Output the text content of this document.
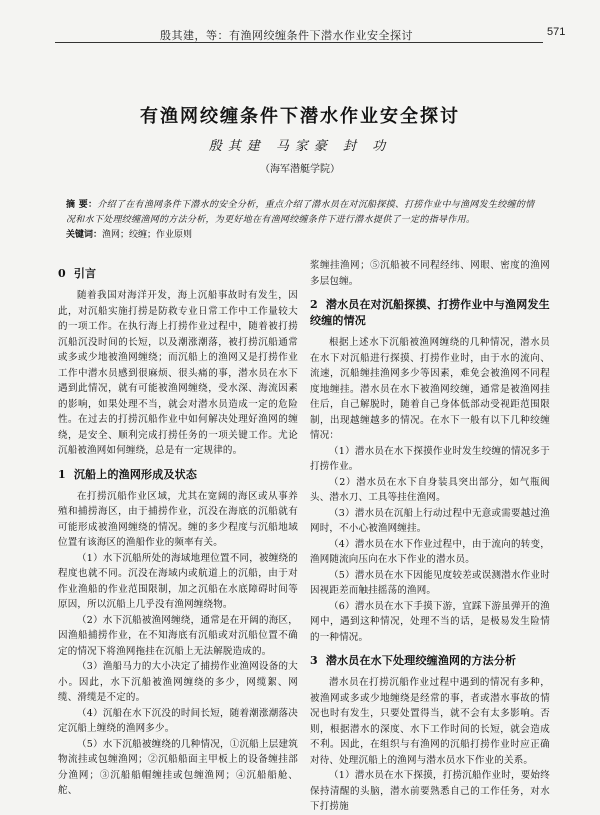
殷其建，等：有渔网绞缠条件下潜水作业安全探讨	571
有渔网绞缠条件下潜水作业安全探讨
殷其建 马家豪 封 功
（海军潜艇学院）
摘 要：介绍了在有渔网条件下潜水的安全分析，重点介绍了潜水员在对沉船探摸、打捞作业中与渔网发生绞缠的情况和水下处理绞缠渔网的方法分析，为更好地在有渔网绞缠条件下进行潜水提供了一定的指导作用。
关键词：渔网；绞缠；作业原则
0 引言

随着我国对海洋开发，海上沉船事故时有发生，因此，对沉船实施打捞是防救专业日常工作中工作量较大的一项工作。在执行海上打捞作业过程中，随着被打捞沉船沉没时间的长短，以及潮涨潮落，被打捞沉船通常或多或少地被渔网缠绕；而沉船上的渔网又是打捞作业工作中潜水员感到很麻烦、很头痛的事，潜水员在水下遇到此情况，就有可能被渔网缠绕，受水深、海流因素的影响，如果处理不当，就会对潜水员造成一定的危险性。在过去的打捞沉船作业中如何解决处理好渔网的缠绕，是安全、顺利完成打捞任务的一项关键工作。尤论沉船被渔网如何缠绕，总是有一定规律的。

1 沉船上的渔网形成及状态

在打捞沉船作业区域，尤其在宽阔的海区或从事养殖和捕捞海区，由于捕捞作业，沉没在海底的沉船就有可能形成被渔网缠绕的情况。缠的多少程度与沉船地域位置有该海区的渔船作业的频率有关。

（1）水下沉船所处的海域地理位置不同，被缠绕的程度也就不同。沉没在海域内或航道上的沉船，由于对作业渔船的作业范围限制，加之沉船在水底障碍时间等原因，所以沉船上几乎没有渔网缠绕物。

（2）水下沉船被渔网缠绕，通常是在开阔的海区，因渔船捕捞作业，在不知海底有沉船或对沉船位置不确定的情况下将渔网拖挂在沉船上无法解脱造成的。

（3）渔船马力的大小决定了捕捞作业渔网设备的大小。因此，水下沉船被渔网缠绕的多少，网缆絮、网缆、滑缆是不定的。

（4）沉船在水下沉没的时间长短，随着潮涨潮落决定沉船上缠绕的渔网多少。

（5）水下沉船被缠绕的几种情况，①沉船上层建筑物流挂或包缠渔网；②沉船船面主甲板上的设备缠挂部分渔网；③沉船船帽缠挂或包缠渔网；④沉船船舱、舵、

浆缠挂渔网；⑤沉船被不同程经纬、网眼、密度的渔网多层包缠。

2 潜水员在对沉船探摸、打捞作业中与渔网发生绞缠的情况

根据上述水下沉船被渔网缠绕的几种情况，潜水员在水下对沉船进行探摸、打捞作业时，由于水的流向、流速，沉船缠挂渔网多少等因素，难免会被渔网不同程度地缠挂。潜水员在水下被渔网绞缠，通常是被渔网挂住后，自己解脱时，随着自己身体低部动受视距范围限制，出现越缠越多的情况。在水下一般有以下几种绞缠情况：

（1）潜水员在水下探摸作业时发生绞缠的情况多于打捞作业。

（2）潜水员在水下自身装具突出部分，如气瓶阀头、潜水刀、工具等挂住渔网。

（3）潜水员在沉船上行动过程中无意或需要越过渔网时，不小心被渔网缠挂。

（4）潜水员在水下作业过程中，由于流向的转变，渔网随流向压向在水下作业的潜水员。

（5）潜水员在水下因能见度较差或误测潜水作业时因视距差而触挂摇荡的渔网。

（6）潜水员在水下手摸下游，宜踩下游虽弹开的渔网中，遇到这种情况，处理不当的话，是极易发生险情的一种情况。

3 潜水员在水下处理绞缠渔网的方法分析

潜水员在打捞沉船作业过程中遇到的情况有多种，被渔网或多或少地缠绕是经常的事，者或潜水事故的情况也时有发生，只要处置得当，就不会有太多影响。否则，根据潜水的深度、水下工作时间的长短，就会造成不利。因此，在组织与有渔网的沉船打捞作业时应正确对待、处理沉船上的渔网与潜水员水下作业的关系。

（1）潜水员在水下探摸，打捞沉船作业时，要始终保持清醒的头脑，潜水前要熟悉自己的工作任务，对水下打捞施
